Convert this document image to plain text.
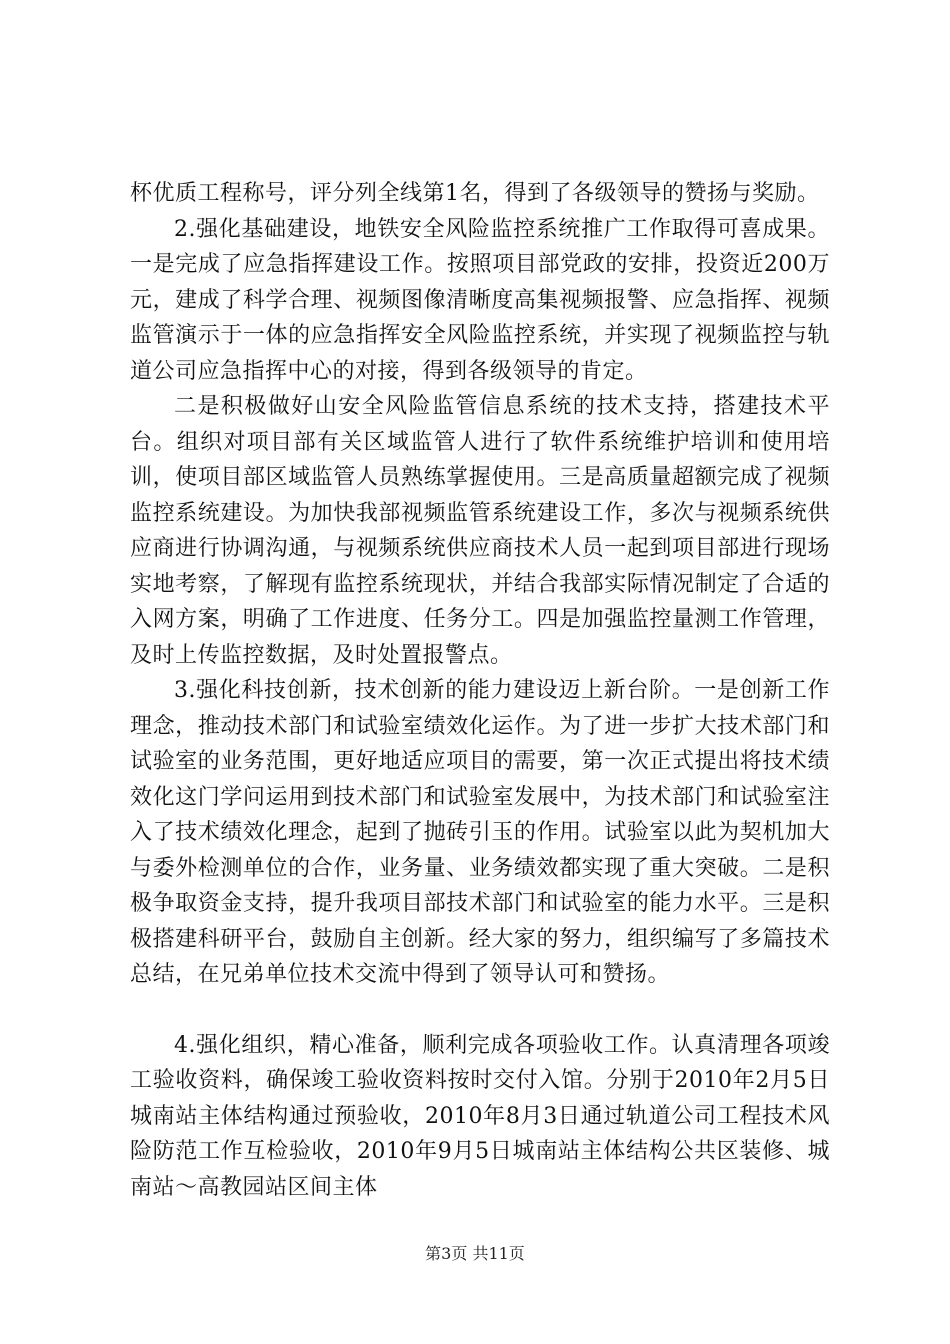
杯优质工程称号，评分列全线第1名，得到了各级领导的赞扬与奖励。

2.强化基础建设，地铁安全风险监控系统推广工作取得可喜成果。一是完成了应急指挥建设工作。按照项目部党政的安排，投资近200万元，建成了科学合理、视频图像清晰度高集视频报警、应急指挥、视频监管演示于一体的应急指挥安全风险监控系统，并实现了视频监控与轨道公司应急指挥中心的对接，得到各级领导的肯定。

二是积极做好山安全风险监管信息系统的技术支持，搭建技术平台。组织对项目部有关区域监管人进行了软件系统维护培训和使用培训，使项目部区域监管人员熟练掌握使用。三是高质量超额完成了视频监控系统建设。为加快我部视频监管系统建设工作，多次与视频系统供应商进行协调沟通，与视频系统供应商技术人员一起到项目部进行现场实地考察，了解现有监控系统现状，并结合我部实际情况制定了合适的入网方案，明确了工作进度、任务分工。四是加强监控量测工作管理，及时上传监控数据，及时处置报警点。

3.强化科技创新，技术创新的能力建设迈上新台阶。一是创新工作理念，推动技术部门和试验室绩效化运作。为了进一步扩大技术部门和试验室的业务范围，更好地适应项目的需要，第一次正式提出将技术绩效化这门学问运用到技术部门和试验室发展中，为技术部门和试验室注入了技术绩效化理念，起到了抛砖引玉的作用。试验室以此为契机加大与委外检测单位的合作，业务量、业务绩效都实现了重大突破。二是积极争取资金支持，提升我项目部技术部门和试验室的能力水平。三是积极搭建科研平台，鼓励自主创新。经大家的努力，组织编写了多篇技术总结，在兄弟单位技术交流中得到了领导认可和赞扬。

4.强化组织，精心准备，顺利完成各项验收工作。认真清理各项竣工验收资料，确保竣工验收资料按时交付入馆。分别于2010年2月5日城南站主体结构通过预验收，2010年8月3日通过轨道公司工程技术风险防范工作互检验收，2010年9月5日城南站主体结构公共区装修、城南站～高教园站区间主体

第3页 共11页
